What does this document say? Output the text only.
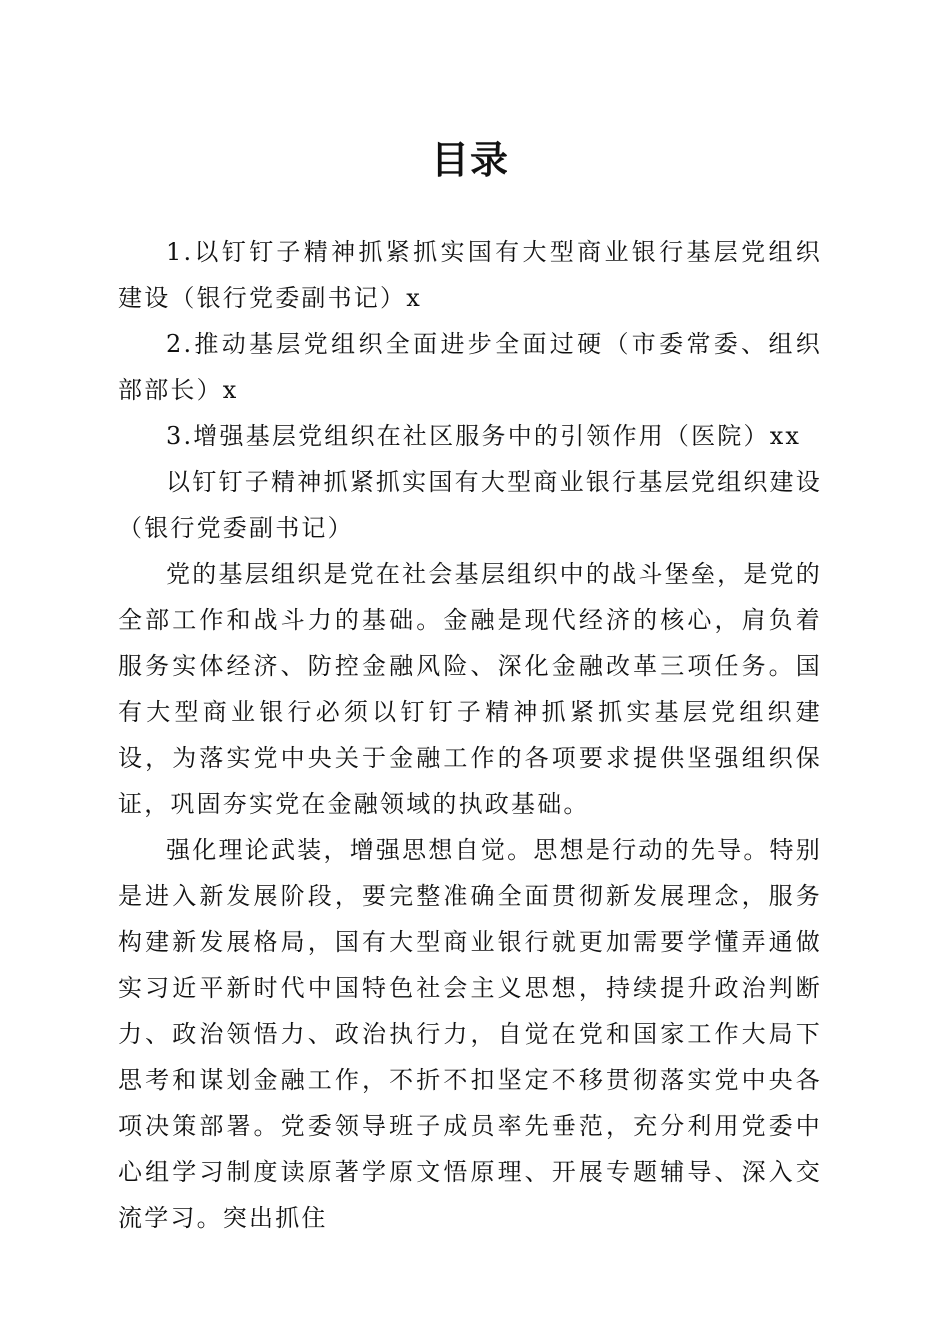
目录

1.以钉钉子精神抓紧抓实国有大型商业银行基层党组织建设（银行党委副书记）x

2.推动基层党组织全面进步全面过硬（市委常委、组织部部长）x

3.增强基层党组织在社区服务中的引领作用（医院）xx

以钉钉子精神抓紧抓实国有大型商业银行基层党组织建设（银行党委副书记）

党的基层组织是党在社会基层组织中的战斗堡垒，是党的全部工作和战斗力的基础。金融是现代经济的核心，肩负着服务实体经济、防控金融风险、深化金融改革三项任务。国有大型商业银行必须以钉钉子精神抓紧抓实基层党组织建设，为落实党中央关于金融工作的各项要求提供坚强组织保证，巩固夯实党在金融领域的执政基础。

强化理论武装，增强思想自觉。思想是行动的先导。特别是进入新发展阶段，要完整准确全面贯彻新发展理念，服务构建新发展格局，国有大型商业银行就更加需要学懂弄通做实习近平新时代中国特色社会主义思想，持续提升政治判断力、政治领悟力、政治执行力，自觉在党和国家工作大局下思考和谋划金融工作，不折不扣坚定不移贯彻落实党中央各项决策部署。党委领导班子成员率先垂范，充分利用党委中心组学习制度读原著学原文悟原理、开展专题辅导、深入交流学习。突出抓住
